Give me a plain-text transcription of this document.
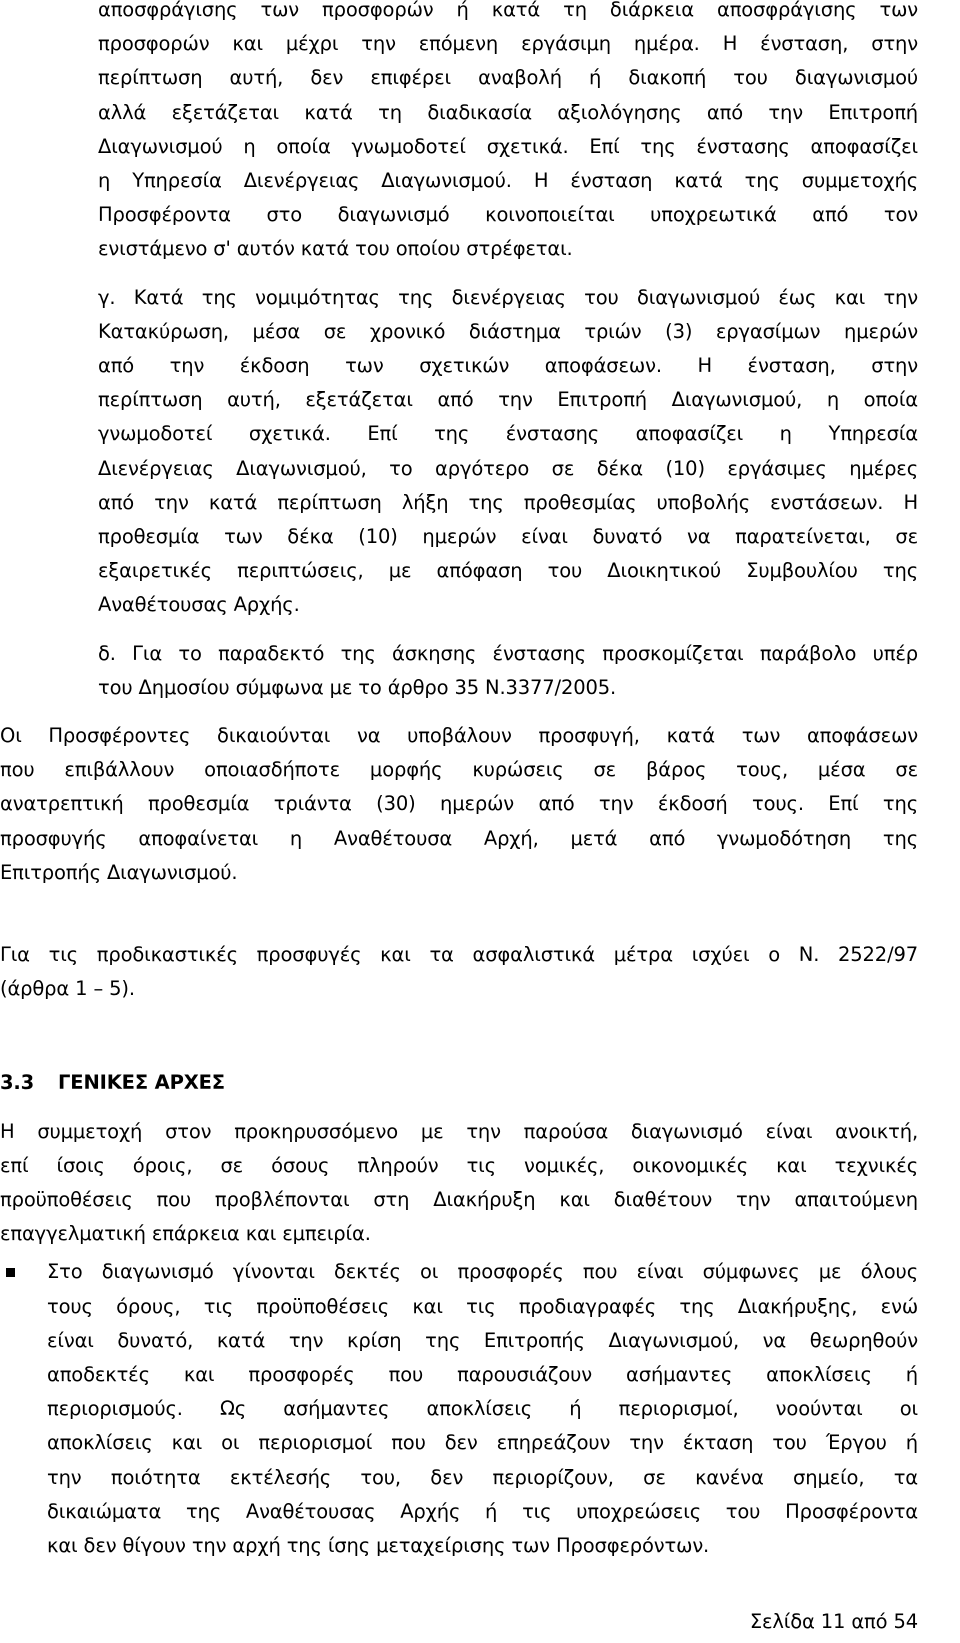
αποσφράγισης των προσφορών ή κατά τη διάρκεια αποσφράγισης των
προσφορών και μέχρι την επόμενη εργάσιμη ημέρα. Η ένσταση, στην
περίπτωση αυτή, δεν επιφέρει αναβολή ή διακοπή του διαγωνισμού
αλλά εξετάζεται κατά τη διαδικασία αξιολόγησης από την Επιτροπή
Διαγωνισμού η οποία γνωμοδοτεί σχετικά. Επί της ένστασης αποφασίζει
η Υπηρεσία Διενέργειας Διαγωνισμού. Η ένσταση κατά της συμμετοχής
Προσφέροντα στο διαγωνισμό κοινοποιείται υποχρεωτικά από τον
ενιστάμενο σ' αυτόν κατά του οποίου στρέφεται.
γ. Κατά της νομιμότητας της διενέργειας του διαγωνισμού έως και την
Κατακύρωση, μέσα σε χρονικό διάστημα τριών (3) εργασίμων ημερών
από την έκδοση των σχετικών αποφάσεων. Η ένσταση, στην
περίπτωση αυτή, εξετάζεται από την Επιτροπή Διαγωνισμού, η οποία
γνωμοδοτεί σχετικά. Επί της ένστασης αποφασίζει η Υπηρεσία
Διενέργειας Διαγωνισμού, το αργότερο σε δέκα (10) εργάσιμες ημέρες
από την κατά περίπτωση λήξη της προθεσμίας υποβολής ενστάσεων. Η
προθεσμία των δέκα (10) ημερών είναι δυνατό να παρατείνεται, σε
εξαιρετικές περιπτώσεις, με απόφαση του Διοικητικού Συμβουλίου της
Αναθέτουσας Αρχής.
δ. Για το παραδεκτό της άσκησης ένστασης προσκομίζεται παράβολο υπέρ
του Δημοσίου σύμφωνα με το άρθρο 35 Ν.3377/2005.
Οι Προσφέροντες δικαιούνται να υποβάλουν προσφυγή, κατά των αποφάσεων
που επιβάλλουν οποιασδήποτε μορφής κυρώσεις σε βάρος τους, μέσα σε
ανατρεπτική προθεσμία τριάντα (30) ημερών από την έκδοσή τους. Επί της
προσφυγής αποφαίνεται η Αναθέτουσα Αρχή, μετά από γνωμοδότηση της
Επιτροπής Διαγωνισμού.
Για τις προδικαστικές προσφυγές και τα ασφαλιστικά μέτρα ισχύει ο Ν. 2522/97
(άρθρα 1 – 5).
3.3 ΓΕΝΙΚΕΣ ΑΡΧΕΣ
Η συμμετοχή στον προκηρυσσόμενο με την παρούσα διαγωνισμό είναι ανοικτή,
επί ίσοις όροις, σε όσους πληρούν τις νομικές, οικονομικές και τεχνικές
προϋποθέσεις που προβλέπονται στη Διακήρυξη και διαθέτουν την απαιτούμενη
επαγγελματική επάρκεια και εμπειρία.
Στο διαγωνισμό γίνονται δεκτές οι προσφορές που είναι σύμφωνες με όλους
τους όρους, τις προϋποθέσεις και τις προδιαγραφές της Διακήρυξης, ενώ
είναι δυνατό, κατά την κρίση της Επιτροπής Διαγωνισμού, να θεωρηθούν
αποδεκτές και προσφορές που παρουσιάζουν ασήμαντες αποκλίσεις ή
περιορισμούς. Ως ασήμαντες αποκλίσεις ή περιορισμοί, νοούνται οι
αποκλίσεις και οι περιορισμοί που δεν επηρεάζουν την έκταση του Έργου ή
την ποιότητα εκτέλεσής του, δεν περιορίζουν, σε κανένα σημείο, τα
δικαιώματα της Αναθέτουσας Αρχής ή τις υποχρεώσεις του Προσφέροντα
και δεν θίγουν την αρχή της ίσης μεταχείρισης των Προσφερόντων.
Σελίδα 11 από 54
